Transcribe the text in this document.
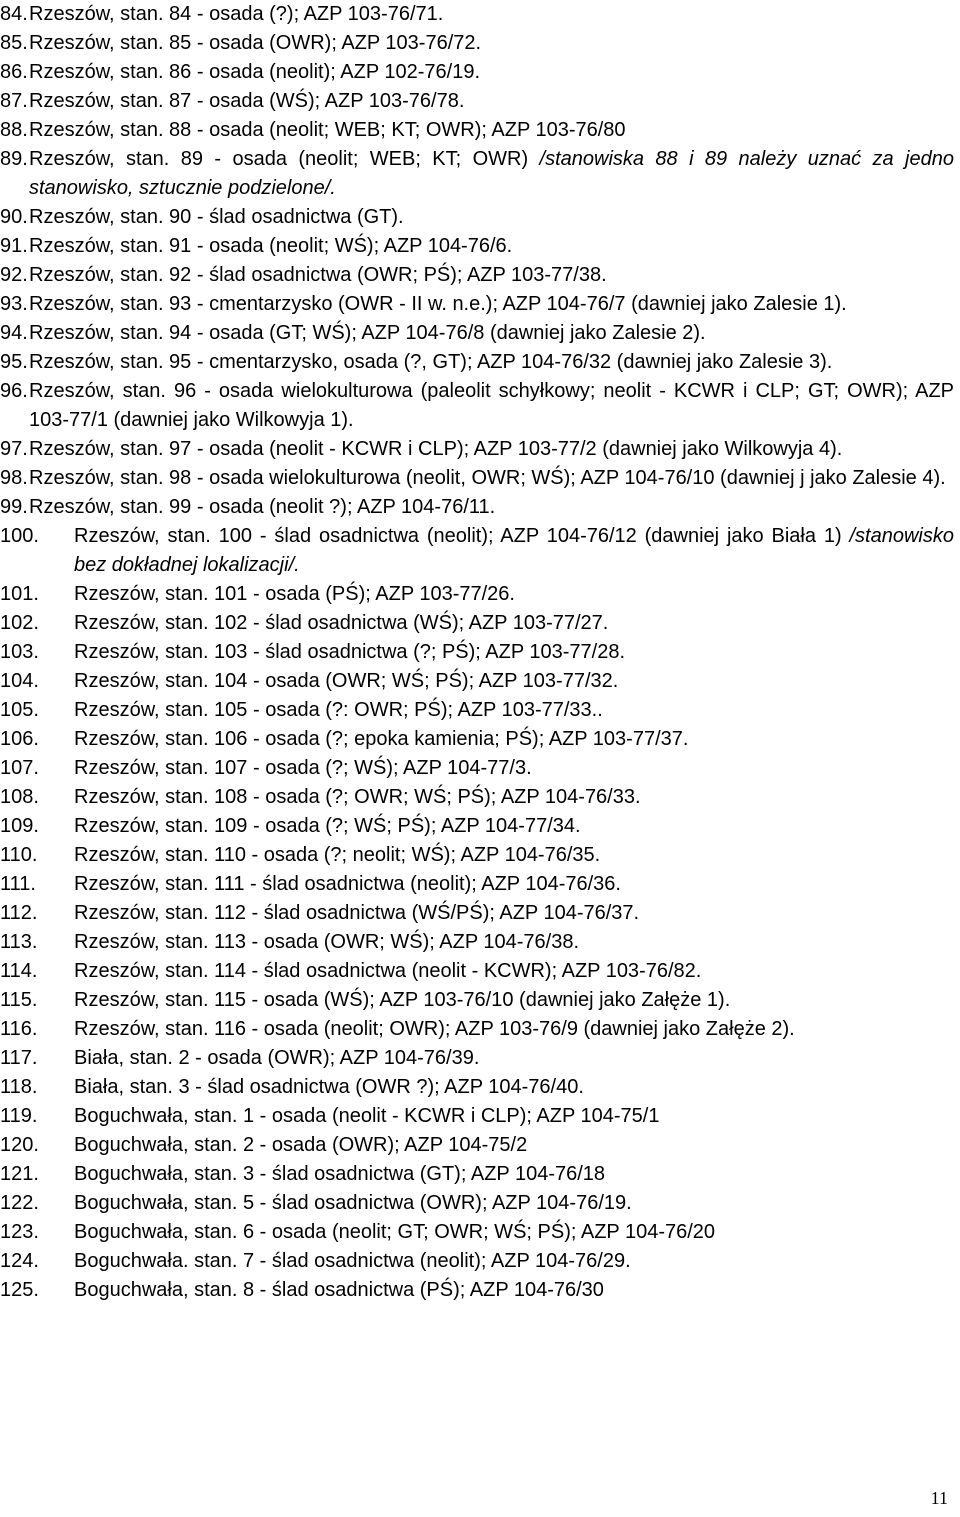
84. Rzeszów, stan. 84 - osada (?); AZP 103-76/71.
85. Rzeszów, stan. 85 - osada (OWR); AZP 103-76/72.
86. Rzeszów, stan. 86 - osada (neolit); AZP 102-76/19.
87. Rzeszów, stan. 87 - osada (WŚ); AZP 103-76/78.
88. Rzeszów, stan. 88 - osada (neolit; WEB; KT; OWR); AZP 103-76/80
89. Rzeszów, stan. 89 - osada (neolit; WEB; KT; OWR) /stanowiska 88 i 89 należy uznać za jedno stanowisko, sztucznie podzielone/.
90. Rzeszów, stan. 90 - ślad osadnictwa (GT).
91. Rzeszów, stan. 91 - osada (neolit; WŚ); AZP 104-76/6.
92. Rzeszów, stan. 92 - ślad osadnictwa (OWR; PŚ); AZP 103-77/38.
93. Rzeszów, stan. 93 - cmentarzysko (OWR - II w. n.e.); AZP 104-76/7 (dawniej jako Zalesie 1).
94. Rzeszów, stan. 94 - osada (GT; WŚ); AZP 104-76/8 (dawniej jako Zalesie 2).
95. Rzeszów, stan. 95 - cmentarzysko, osada (?, GT); AZP 104-76/32 (dawniej jako Zalesie 3).
96. Rzeszów, stan. 96 - osada wielokulturowa (paleolit schyłkowy; neolit - KCWR i CLP; GT; OWR); AZP 103-77/1 (dawniej jako Wilkowyja 1).
97. Rzeszów, stan. 97 - osada (neolit - KCWR i CLP); AZP 103-77/2 (dawniej jako Wilkowyja 4).
98. Rzeszów, stan. 98 - osada wielokulturowa (neolit, OWR; WŚ); AZP 104-76/10 (dawniej j jako Zalesie 4).
99. Rzeszów, stan. 99 - osada (neolit ?); AZP 104-76/11.
100. Rzeszów, stan. 100 - ślad osadnictwa (neolit); AZP 104-76/12 (dawniej jako Biała 1) /stanowisko bez dokładnej lokalizacji/.
101. Rzeszów, stan. 101 - osada (PŚ); AZP 103-77/26.
102. Rzeszów, stan. 102 - ślad osadnictwa (WŚ); AZP 103-77/27.
103. Rzeszów, stan. 103 - ślad osadnictwa (?; PŚ); AZP 103-77/28.
104. Rzeszów, stan. 104 - osada (OWR; WŚ; PŚ); AZP 103-77/32.
105. Rzeszów, stan. 105 - osada (?: OWR; PŚ); AZP 103-77/33..
106. Rzeszów, stan. 106 - osada (?; epoka kamienia; PŚ); AZP 103-77/37.
107. Rzeszów, stan. 107 - osada (?; WŚ); AZP 104-77/3.
108. Rzeszów, stan. 108 - osada (?; OWR; WŚ; PŚ); AZP 104-76/33.
109. Rzeszów, stan. 109 - osada (?; WŚ; PŚ); AZP 104-77/34.
110. Rzeszów, stan. 110 - osada (?; neolit; WŚ); AZP 104-76/35.
111. Rzeszów, stan. 111 - ślad osadnictwa (neolit); AZP 104-76/36.
112. Rzeszów, stan. 112 - ślad osadnictwa (WŚ/PŚ); AZP 104-76/37.
113. Rzeszów, stan. 113 - osada (OWR; WŚ); AZP 104-76/38.
114. Rzeszów, stan. 114 - ślad osadnictwa (neolit - KCWR); AZP 103-76/82.
115. Rzeszów, stan. 115 - osada (WŚ); AZP 103-76/10 (dawniej jako Załęże 1).
116. Rzeszów, stan. 116 - osada (neolit; OWR); AZP 103-76/9 (dawniej jako Załęże 2).
117. Biała, stan. 2 - osada (OWR); AZP 104-76/39.
118. Biała, stan. 3 - ślad osadnictwa (OWR ?); AZP 104-76/40.
119. Boguchwała, stan. 1 - osada (neolit - KCWR i CLP); AZP 104-75/1
120. Boguchwała, stan. 2 - osada (OWR); AZP 104-75/2
121. Boguchwała, stan. 3 - ślad osadnictwa (GT); AZP 104-76/18
122. Boguchwała, stan. 5 - ślad osadnictwa (OWR); AZP 104-76/19.
123. Boguchwała, stan. 6 - osada (neolit; GT; OWR; WŚ; PŚ); AZP 104-76/20
124. Boguchwała. stan. 7 - ślad osadnictwa (neolit); AZP 104-76/29.
125. Boguchwała, stan. 8 - ślad osadnictwa (PŚ); AZP 104-76/30
11
